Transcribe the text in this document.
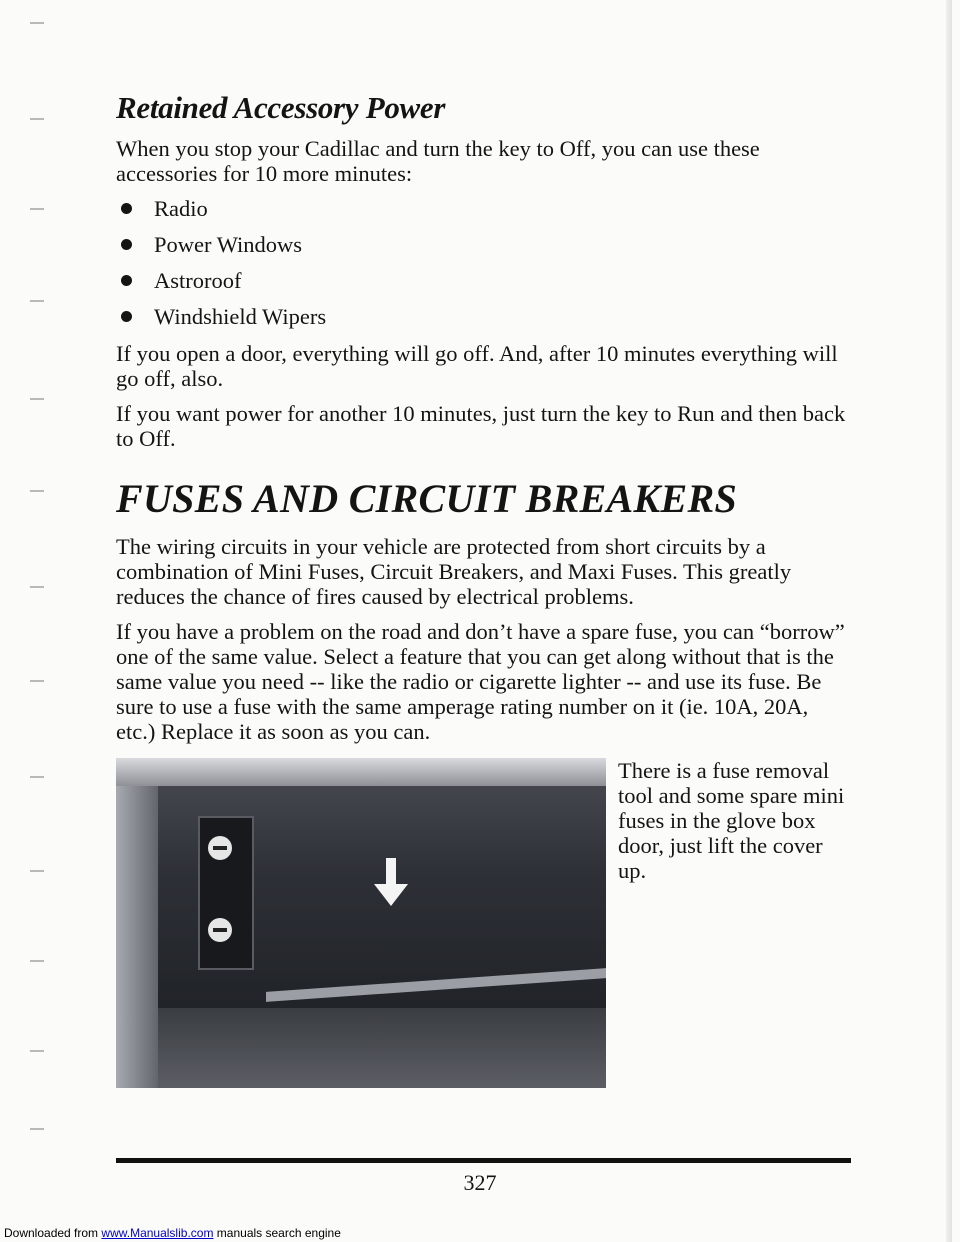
Retained Accessory Power

When you stop your Cadillac and turn the key to Off, you can use these accessories for 10 more minutes:

Radio
Power Windows
Astroroof
Windshield Wipers

If you open a door, everything will go off. And, after 10 minutes everything will go off, also.

If you want power for another 10 minutes, just turn the key to Run and then back to Off.

FUSES AND CIRCUIT BREAKERS

The wiring circuits in your vehicle are protected from short circuits by a combination of Mini Fuses, Circuit Breakers, and Maxi Fuses. This greatly reduces the chance of fires caused by electrical problems.

If you have a problem on the road and don’t have a spare fuse, you can “borrow” one of the same value. Select a feature that you can get along without that is the same value you need -- like the radio or cigarette lighter -- and use its fuse. Be sure to use a fuse with the same amperage rating number on it (ie. 10A, 20A, etc.) Replace it as soon as you can.

There is a fuse removal tool and some spare mini fuses in the glove box door, just lift the cover up.

327
Downloaded from www.Manualslib.com manuals search engine
